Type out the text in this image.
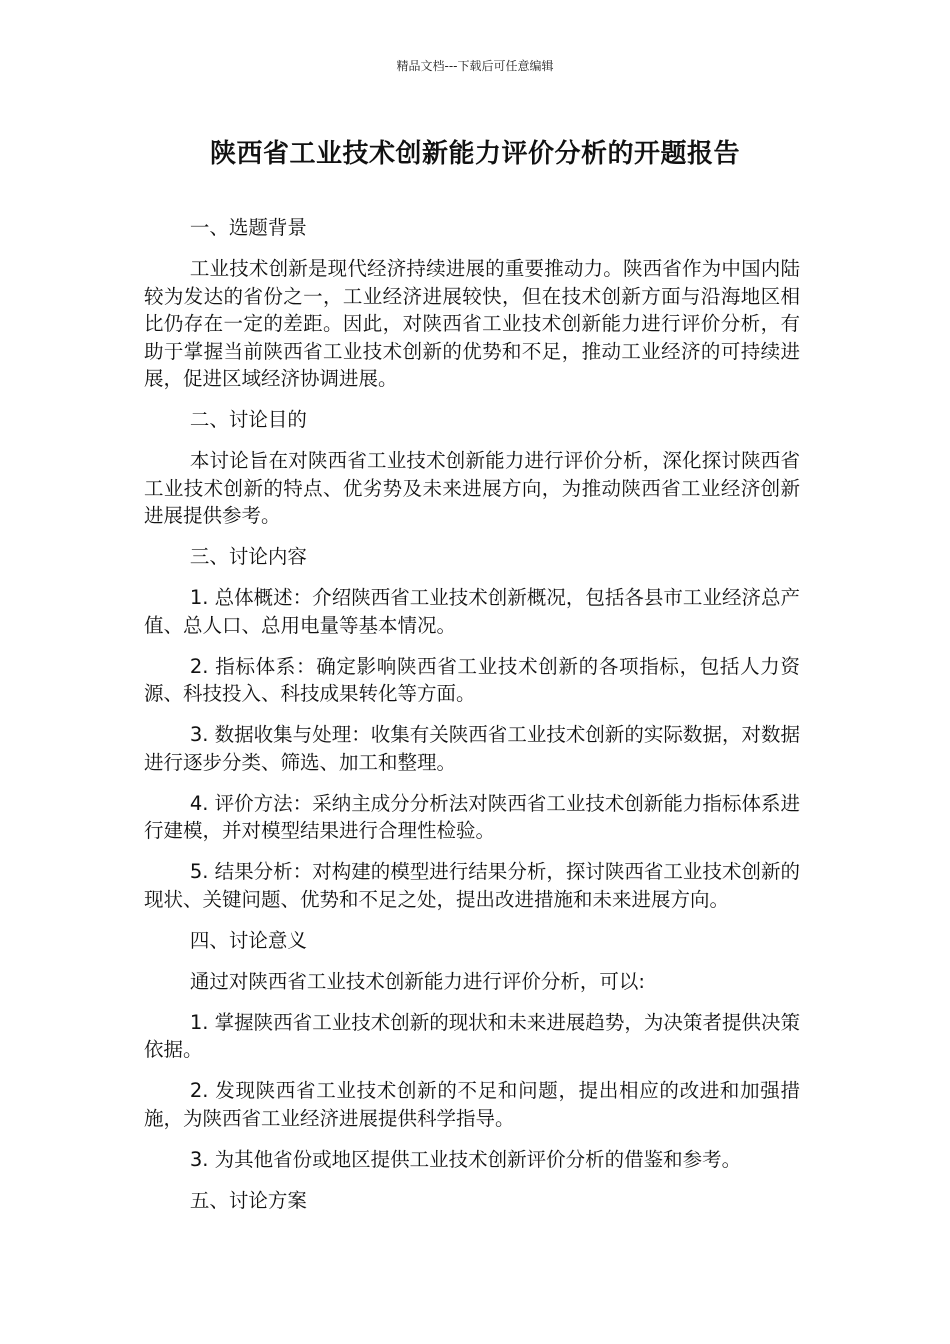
精品文档---下载后可任意编辑
陕西省工业技术创新能力评价分析的开题报告

一、选题背景

工业技术创新是现代经济持续进展的重要推动力。陕西省作为中国内陆较为发达的省份之一，工业经济进展较快，但在技术创新方面与沿海地区相比仍存在一定的差距。因此，对陕西省工业技术创新能力进行评价分析，有助于掌握当前陕西省工业技术创新的优势和不足，推动工业经济的可持续进展，促进区域经济协调进展。

二、讨论目的

本讨论旨在对陕西省工业技术创新能力进行评价分析，深化探讨陕西省工业技术创新的特点、优劣势及未来进展方向，为推动陕西省工业经济创新进展提供参考。

三、讨论内容

1. 总体概述：介绍陕西省工业技术创新概况，包括各县市工业经济总产值、总人口、总用电量等基本情况。

2. 指标体系：确定影响陕西省工业技术创新的各项指标，包括人力资源、科技投入、科技成果转化等方面。

3. 数据收集与处理：收集有关陕西省工业技术创新的实际数据，对数据进行逐步分类、筛选、加工和整理。

4. 评价方法：采纳主成分分析法对陕西省工业技术创新能力指标体系进行建模，并对模型结果进行合理性检验。

5. 结果分析：对构建的模型进行结果分析，探讨陕西省工业技术创新的现状、关键问题、优势和不足之处，提出改进措施和未来进展方向。

四、讨论意义

通过对陕西省工业技术创新能力进行评价分析，可以:

1. 掌握陕西省工业技术创新的现状和未来进展趋势，为决策者提供决策依据。

2. 发现陕西省工业技术创新的不足和问题，提出相应的改进和加强措施，为陕西省工业经济进展提供科学指导。

3. 为其他省份或地区提供工业技术创新评价分析的借鉴和参考。

五、讨论方案
